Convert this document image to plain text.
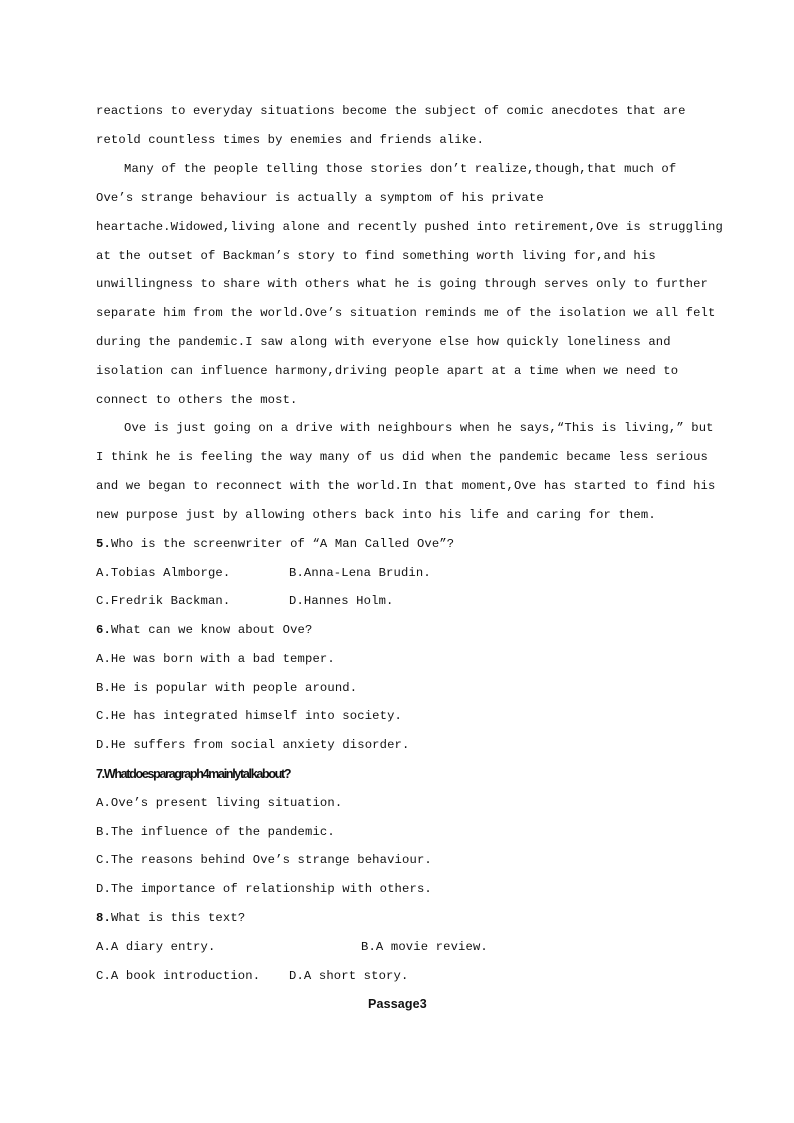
reactions to everyday situations become the subject of comic anecdotes that are
retold countless times by enemies and friends alike.
Many of the people telling those stories don’t realize,though,that much of
Ove’s strange behaviour is actually a symptom of his private
heartache.Widowed,living alone and recently pushed into retirement,Ove is struggling
at the outset of Backman’s story to find something worth living for,and his
unwillingness to share with others what he is going through serves only to further
separate him from the world.Ove’s situation reminds me of the isolation we all felt
during the pandemic.I saw along with everyone else how quickly loneliness and
isolation can influence harmony,driving people apart at a time when we need to
connect to others the most.
Ove is just going on a drive with neighbours when he says,“This is living,” but
I think he is feeling the way many of us did when the pandemic became less serious
and we began to reconnect with the world.In that moment,Ove has started to find his
new purpose just by allowing others back into his life and caring for them.
5.Who is the screenwriter of “A Man Called Ove”?
A.Tobias Almborge.	B.Anna-Lena Brudin.
C.Fredrik Backman.	D.Hannes Holm.
6.What can we know about Ove?
A.He was born with a bad temper.
B.He is popular with people around.
C.He has integrated himself into society.
D.He suffers from social anxiety disorder.
7.Whatdoesparagraph4mainlytalkabout?
A.Ove’s present living situation.
B.The influence of the pandemic.
C.The reasons behind Ove’s strange behaviour.
D.The importance of relationship with others.
8.What is this text?
A.A diary entry.	B.A movie review.
C.A book introduction. D.A short story.
Passage3
